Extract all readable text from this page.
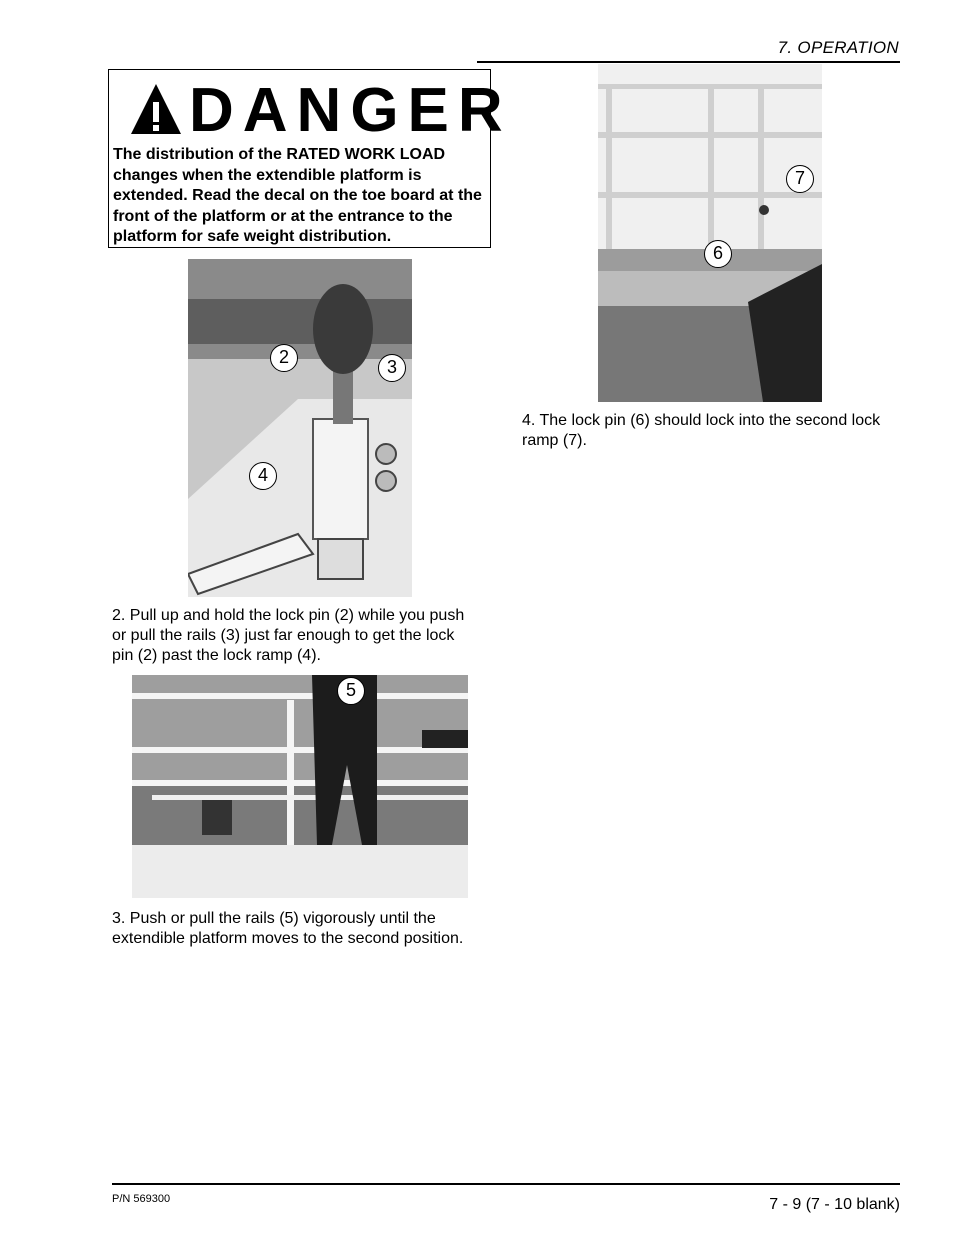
7. OPERATION
DANGER
The distribution of the RATED WORK LOAD changes when the extendible platform is extended. Read the decal on the toe board at the front of the platform or at the entrance to the platform for safe weight distribution.
2	3
4
2. Pull up and hold the lock pin (2) while you push or pull the rails (3) just far enough to get the lock pin (2) past the lock ramp (4).
5
3. Push or pull the rails (5) vigorously until the extendible platform moves to the second position.
7
6
4. The lock pin (6) should lock into the second lock ramp (7).
P/N 569300	7 - 9 (7 - 10 blank)
